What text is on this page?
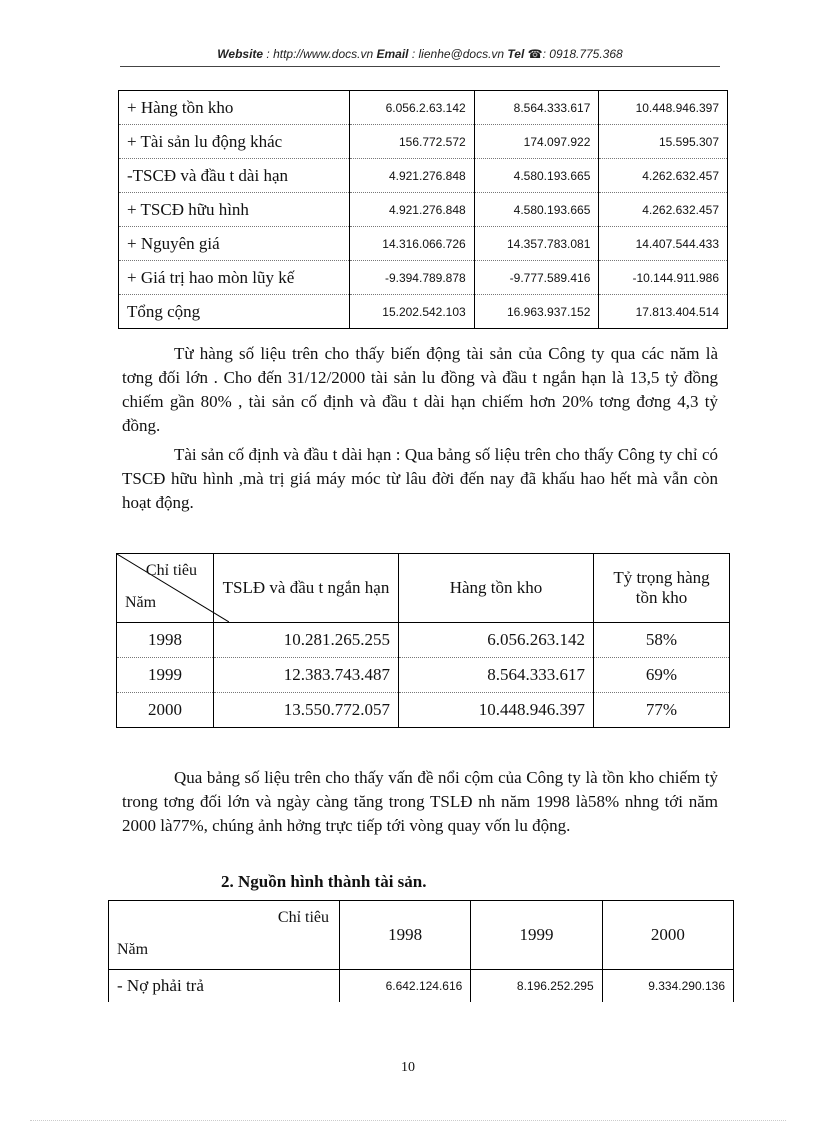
Website : http://www.docs.vn Email : lienhe@docs.vn Tel ☎: 0918.775.368
+ Hàng tồn kho	6.056.2.63.142	8.564.333.617	10.448.946.397
+ Tài sản lu động khác	156.772.572	174.097.922	15.595.307
-TSCĐ và đầu t dài hạn	4.921.276.848	4.580.193.665	4.262.632.457
+ TSCĐ hữu hình	4.921.276.848	4.580.193.665	4.262.632.457
+ Nguyên giá	14.316.066.726	14.357.783.081	14.407.544.433
+ Giá trị hao mòn lũy kế	-9.394.789.878	-9.777.589.416	-10.144.911.986
Tổng cộng	15.202.542.103	16.963.937.152	17.813.404.514

Từ hàng số liệu trên cho thấy biến động tài sản của Công ty qua các năm là tơng đối lớn . Cho đến 31/12/2000 tài sản lu đồng và đầu t ngắn hạn là 13,5 tỷ đồng chiếm gần 80% , tài sản cố định và đầu t dài hạn chiếm hơn 20% tơng đơng 4,3 tỷ đồng.

Tài sản cố định và đầu t dài hạn : Qua bảng số liệu trên cho thấy Công ty chỉ có TSCĐ hữu hình ,mà trị giá máy móc từ lâu đời đến nay đã khấu hao hết mà vẫn còn hoạt động.

Chỉ tiêu
Năm	TSLĐ và đầu t ngắn hạn	Hàng tồn kho	Tỷ trọng hàng tồn kho
1998	10.281.265.255	6.056.263.142	58%
1999	12.383.743.487	8.564.333.617	69%
2000	13.550.772.057	10.448.946.397	77%

Qua bảng số liệu trên cho thấy vấn đề nổi cộm của Công ty là tồn kho chiếm tỷ trong tơng đối lớn và ngày càng tăng trong TSLĐ nh năm 1998 là58% nhng tới năm 2000 là77%, chúng ảnh hởng trực tiếp tới vòng quay vốn lu động.

2. Nguồn hình thành tài sản.
Chỉ tiêu
Năm	1998	1999	2000
- Nợ phải trả	6.642.124.616	8.196.252.295	9.334.290.136
10
